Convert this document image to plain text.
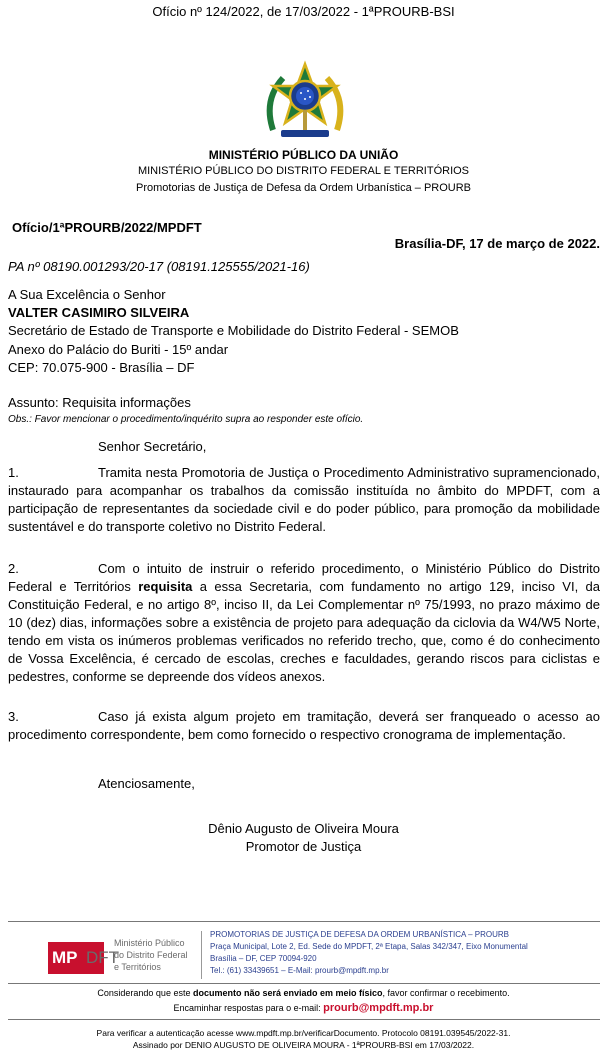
Ofício nº 124/2022, de 17/03/2022 - 1ªPROURB-BSI
MINISTÉRIO PÚBLICO DA UNIÃO
MINISTÉRIO PÚBLICO DO DISTRITO FEDERAL E TERRITÓRIOS
Promotorias de Justiça de Defesa da Ordem Urbanística – PROURB
Ofício/1ªPROURB/2022/MPDFT
Brasília-DF, 17 de março de 2022.
PA nº 08190.001293/20-17 (08191.125555/2021-16)
A Sua Excelência o Senhor
VALTER CASIMIRO SILVEIRA
Secretário de Estado de Transporte e Mobilidade do Distrito Federal - SEMOB
Anexo do Palácio do Buriti - 15º andar
CEP: 70.075-900 - Brasília – DF
Assunto: Requisita informações
Obs.: Favor mencionar o procedimento/inquérito supra ao responder este ofício.
Senhor Secretário,
1.	Tramita nesta Promotoria de Justiça o Procedimento Administrativo supramencionado, instaurado para acompanhar os trabalhos da comissão instituída no âmbito do MPDFT, com a participação de representantes da sociedade civil e do poder público, para promoção da mobilidade sustentável e do transporte coletivo no Distrito Federal.
2.	Com o intuito de instruir o referido procedimento, o Ministério Público do Distrito Federal e Territórios requisita a essa Secretaria, com fundamento no artigo 129, inciso VI, da Constituição Federal, e no artigo 8º, inciso II, da Lei Complementar nº 75/1993, no prazo máximo de 10 (dez) dias, informações sobre a existência de projeto para adequação da ciclovia da W4/W5 Norte, tendo em vista os inúmeros problemas verificados no referido trecho, que, como é do conhecimento de Vossa Excelência, é cercado de escolas, creches e faculdades, gerando riscos para ciclistas e pedestres, conforme se depreende dos vídeos anexos.
3.	Caso já exista algum projeto em tramitação, deverá ser franqueado o acesso ao procedimento correspondente, bem como fornecido o respectivo cronograma de implementação.
Atenciosamente,
Dênio Augusto de Oliveira Moura
Promotor de Justiça
MP DFT
Ministério Público
do Distrito Federal
e Territórios
PROMOTORIAS DE JUSTIÇA DE DEFESA DA ORDEM URBANÍSTICA – PROURB
Praça Municipal, Lote 2, Ed. Sede do MPDFT, 2ª Etapa, Salas 342/347, Eixo Monumental
Brasília – DF, CEP 70094-920
Tel.: (61) 33439651 – E-Mail: prourb@mpdft.mp.br
Considerando que este documento não será enviado em meio físico, favor confirmar o recebimento.
Encaminhar respostas para o e-mail: prourb@mpdft.mp.br
Para verificar a autenticação acesse www.mpdft.mp.br/verificarDocumento. Protocolo 08191.039545/2022-31.
Assinado por DENIO AUGUSTO DE OLIVEIRA MOURA - 1ªPROURB-BSI em 17/03/2022.
